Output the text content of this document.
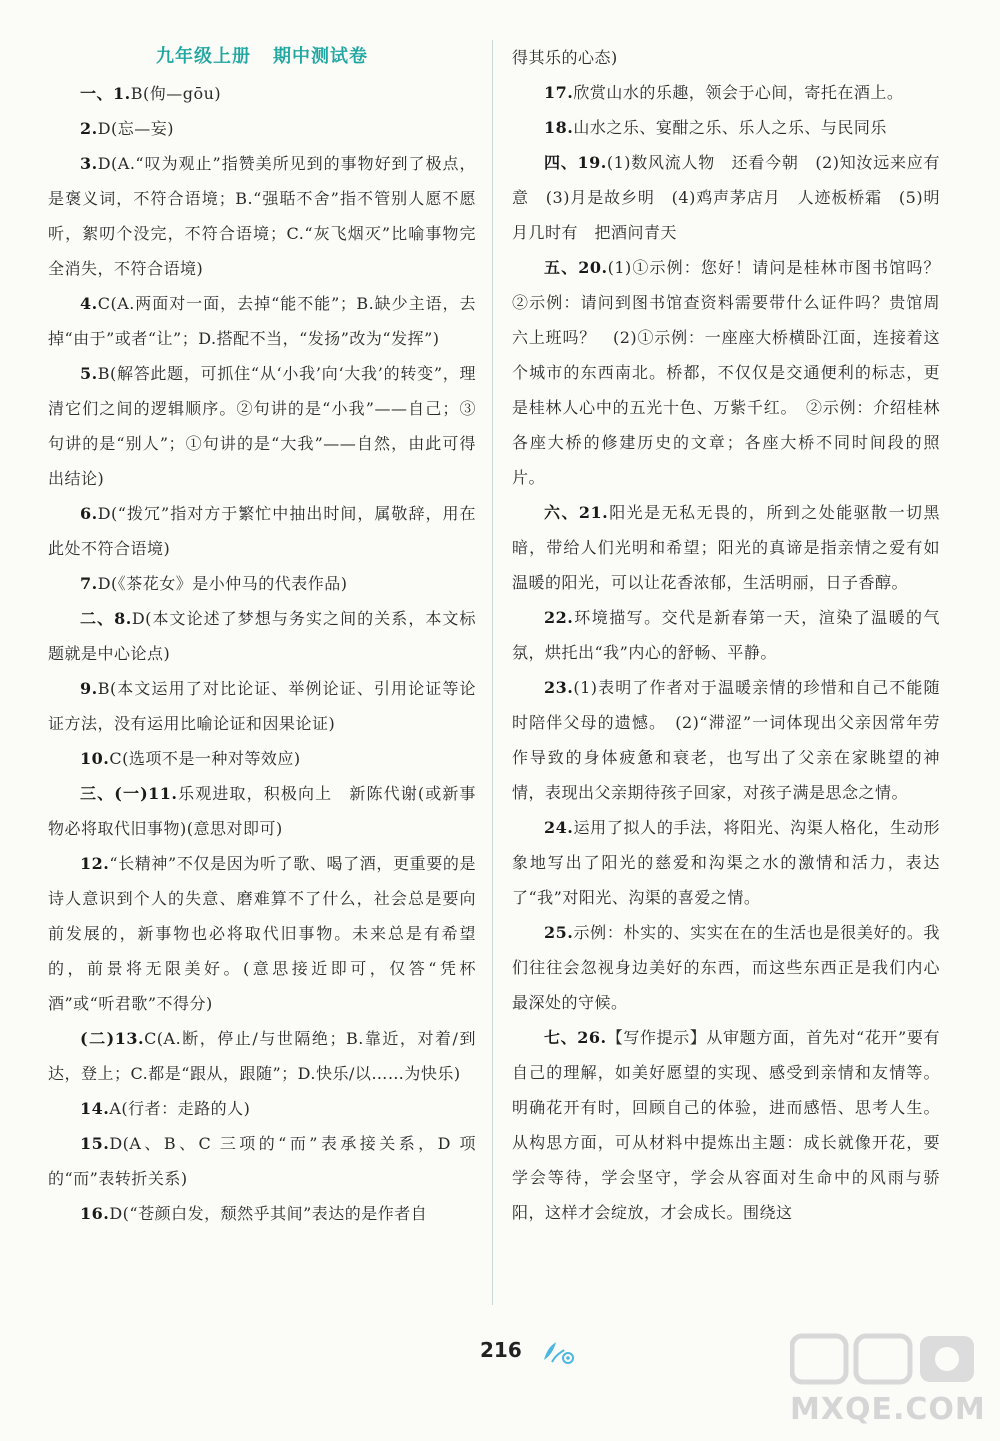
九年级上册 期中测试卷

一、1.B(佝—gōu)

2.D(忘—妄)

3.D(A.“叹为观止”指赞美所见到的事物好到了极点，是褒义词，不符合语境；B.“强聒不舍”指不管别人愿不愿听，絮叨个没完，不符合语境；C.“灰飞烟灭”比喻事物完全消失，不符合语境)

4.C(A.两面对一面，去掉“能不能”；B.缺少主语，去掉“由于”或者“让”；D.搭配不当，“发扬”改为“发挥”)

5.B(解答此题，可抓住“从‘小我’向‘大我’的转变”，理清它们之间的逻辑顺序。②句讲的是“小我”——自己；③句讲的是“别人”；①句讲的是“大我”——自然，由此可得出结论)

6.D(“拨冗”指对方于繁忙中抽出时间，属敬辞，用在此处不符合语境)

7.D(《茶花女》是小仲马的代表作品)

二、8.D(本文论述了梦想与务实之间的关系，本文标题就是中心论点)

9.B(本文运用了对比论证、举例论证、引用论证等论证方法，没有运用比喻论证和因果论证)

10.C(选项不是一种对等效应)

三、(一)11.乐观进取，积极向上　新陈代谢(或新事物必将取代旧事物)(意思对即可)

12.“长精神”不仅是因为听了歌、喝了酒，更重要的是诗人意识到个人的失意、磨难算不了什么，社会总是要向前发展的，新事物也必将取代旧事物。未来总是有希望的，前景将无限美好。(意思接近即可，仅答“凭杯酒”或“听君歌”不得分)

(二)13.C(A.断，停止/与世隔绝；B.靠近，对着/到达，登上；C.都是“跟从，跟随”；D.快乐/以……为快乐)

14.A(行者：走路的人)

15.D(A、B、C 三项的“而”表承接关系，D 项的“而”表转折关系)

16.D(“苍颜白发，颓然乎其间”表达的是作者自

得其乐的心态)

17.欣赏山水的乐趣，领会于心间，寄托在酒上。

18.山水之乐、宴酣之乐、乐人之乐、与民同乐

四、19.(1)数风流人物　还看今朝　(2)知汝远来应有意　(3)月是故乡明　(4)鸡声茅店月　人迹板桥霜　(5)明月几时有　把酒问青天

五、20.(1)①示例：您好！请问是桂林市图书馆吗？　②示例：请问到图书馆查资料需要带什么证件吗？贵馆周六上班吗？　(2)①示例：一座座大桥横卧江面，连接着这个城市的东西南北。桥都，不仅仅是交通便利的标志，更是桂林人心中的五光十色、万紫千红。　②示例：介绍桂林各座大桥的修建历史的文章；各座大桥不同时间段的照片。

六、21.阳光是无私无畏的，所到之处能驱散一切黑暗，带给人们光明和希望；阳光的真谛是指亲情之爱有如温暖的阳光，可以让花香浓郁，生活明丽，日子香醇。

22.环境描写。交代是新春第一天，渲染了温暖的气氛，烘托出“我”内心的舒畅、平静。

23.(1)表明了作者对于温暖亲情的珍惜和自己不能随时陪伴父母的遗憾。　(2)“滞涩”一词体现出父亲因常年劳作导致的身体疲惫和衰老，也写出了父亲在家眺望的神情，表现出父亲期待孩子回家，对孩子满是思念之情。

24.运用了拟人的手法，将阳光、沟渠人格化，生动形象地写出了阳光的慈爱和沟渠之水的激情和活力，表达了“我”对阳光、沟渠的喜爱之情。

25.示例：朴实的、实实在在的生活也是很美好的。我们往往会忽视身边美好的东西，而这些东西正是我们内心最深处的守候。

七、26.【写作提示】从审题方面，首先对“花开”要有自己的理解，如美好愿望的实现、感受到亲情和友情等。明确花开有时，回顾自己的体验，进而感悟、思考人生。从构思方面，可从材料中提炼出主题：成长就像开花，要学会等待，学会坚守，学会从容面对生命中的风雨与骄阳，这样才会绽放，才会成长。围绕这

216
MXQE.COM
